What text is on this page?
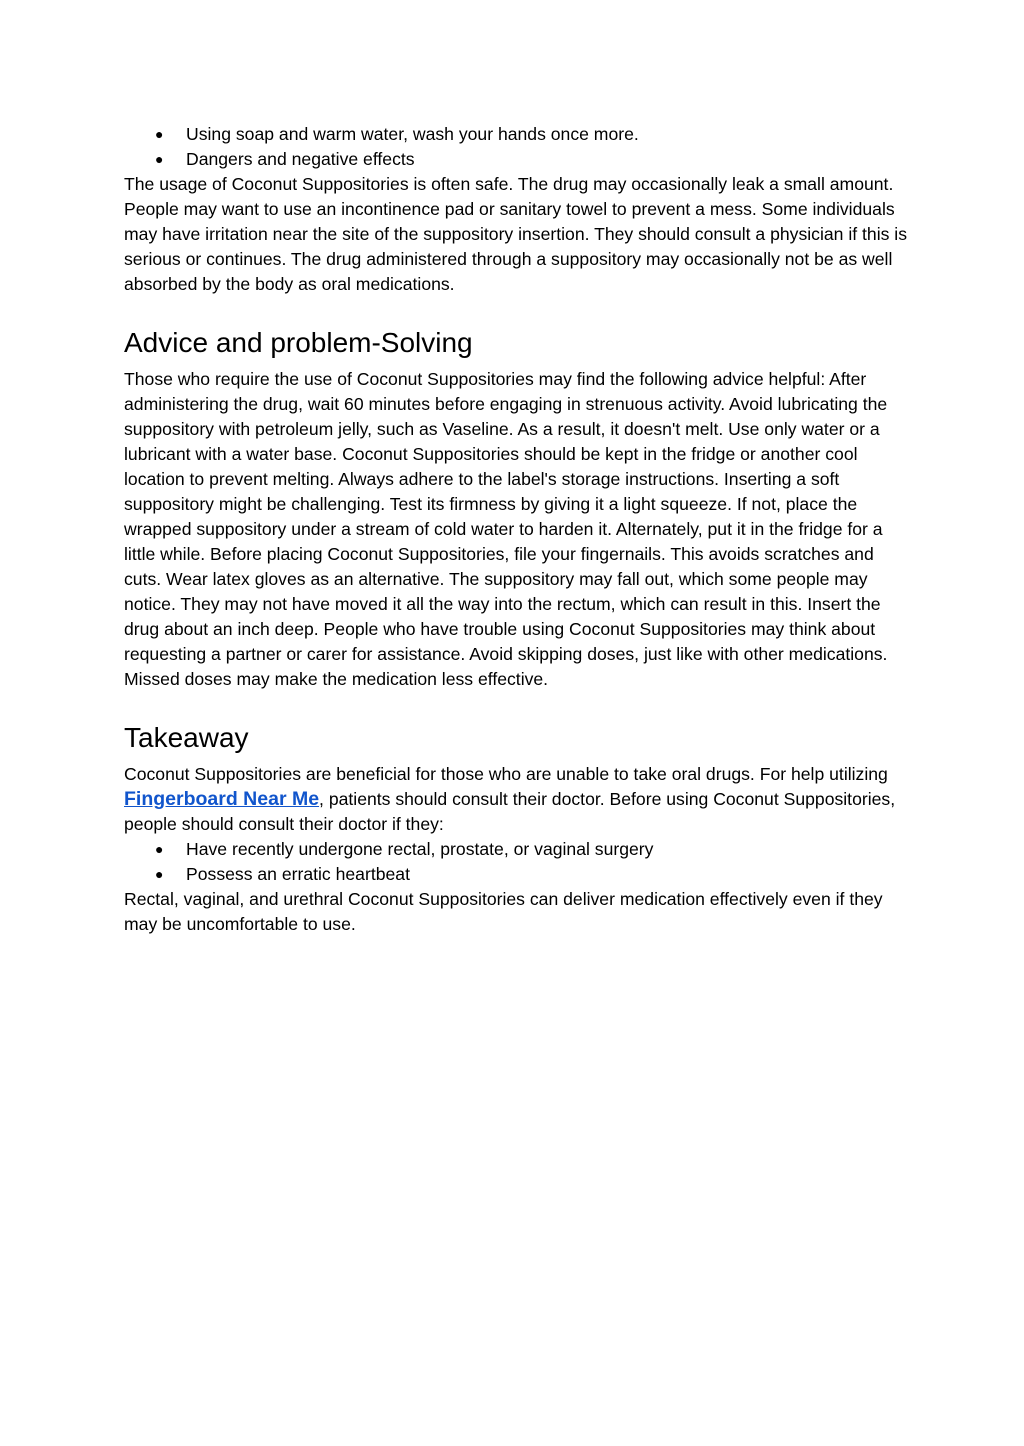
● Using soap and warm water, wash your hands once more.
● Dangers and negative effects

The usage of Coconut Suppositories is often safe. The drug may occasionally leak a small amount. People may want to use an incontinence pad or sanitary towel to prevent a mess. Some individuals may have irritation near the site of the suppository insertion. They should consult a physician if this is serious or continues. The drug administered through a suppository may occasionally not be as well absorbed by the body as oral medications.

Advice and problem-Solving

Those who require the use of Coconut Suppositories may find the following advice helpful: After administering the drug, wait 60 minutes before engaging in strenuous activity. Avoid lubricating the suppository with petroleum jelly, such as Vaseline. As a result, it doesn't melt. Use only water or a lubricant with a water base. Coconut Suppositories should be kept in the fridge or another cool location to prevent melting. Always adhere to the label's storage instructions. Inserting a soft suppository might be challenging. Test its firmness by giving it a light squeeze. If not, place the wrapped suppository under a stream of cold water to harden it. Alternately, put it in the fridge for a little while. Before placing Coconut Suppositories, file your fingernails. This avoids scratches and cuts. Wear latex gloves as an alternative. The suppository may fall out, which some people may notice. They may not have moved it all the way into the rectum, which can result in this. Insert the drug about an inch deep. People who have trouble using Coconut Suppositories may think about requesting a partner or carer for assistance. Avoid skipping doses, just like with other medications. Missed doses may make the medication less effective.

Takeaway

Coconut Suppositories are beneficial for those who are unable to take oral drugs. For help utilizing Fingerboard Near Me, patients should consult their doctor. Before using Coconut Suppositories, people should consult their doctor if they:

● Have recently undergone rectal, prostate, or vaginal surgery
● Possess an erratic heartbeat

Rectal, vaginal, and urethral Coconut Suppositories can deliver medication effectively even if they may be uncomfortable to use.
